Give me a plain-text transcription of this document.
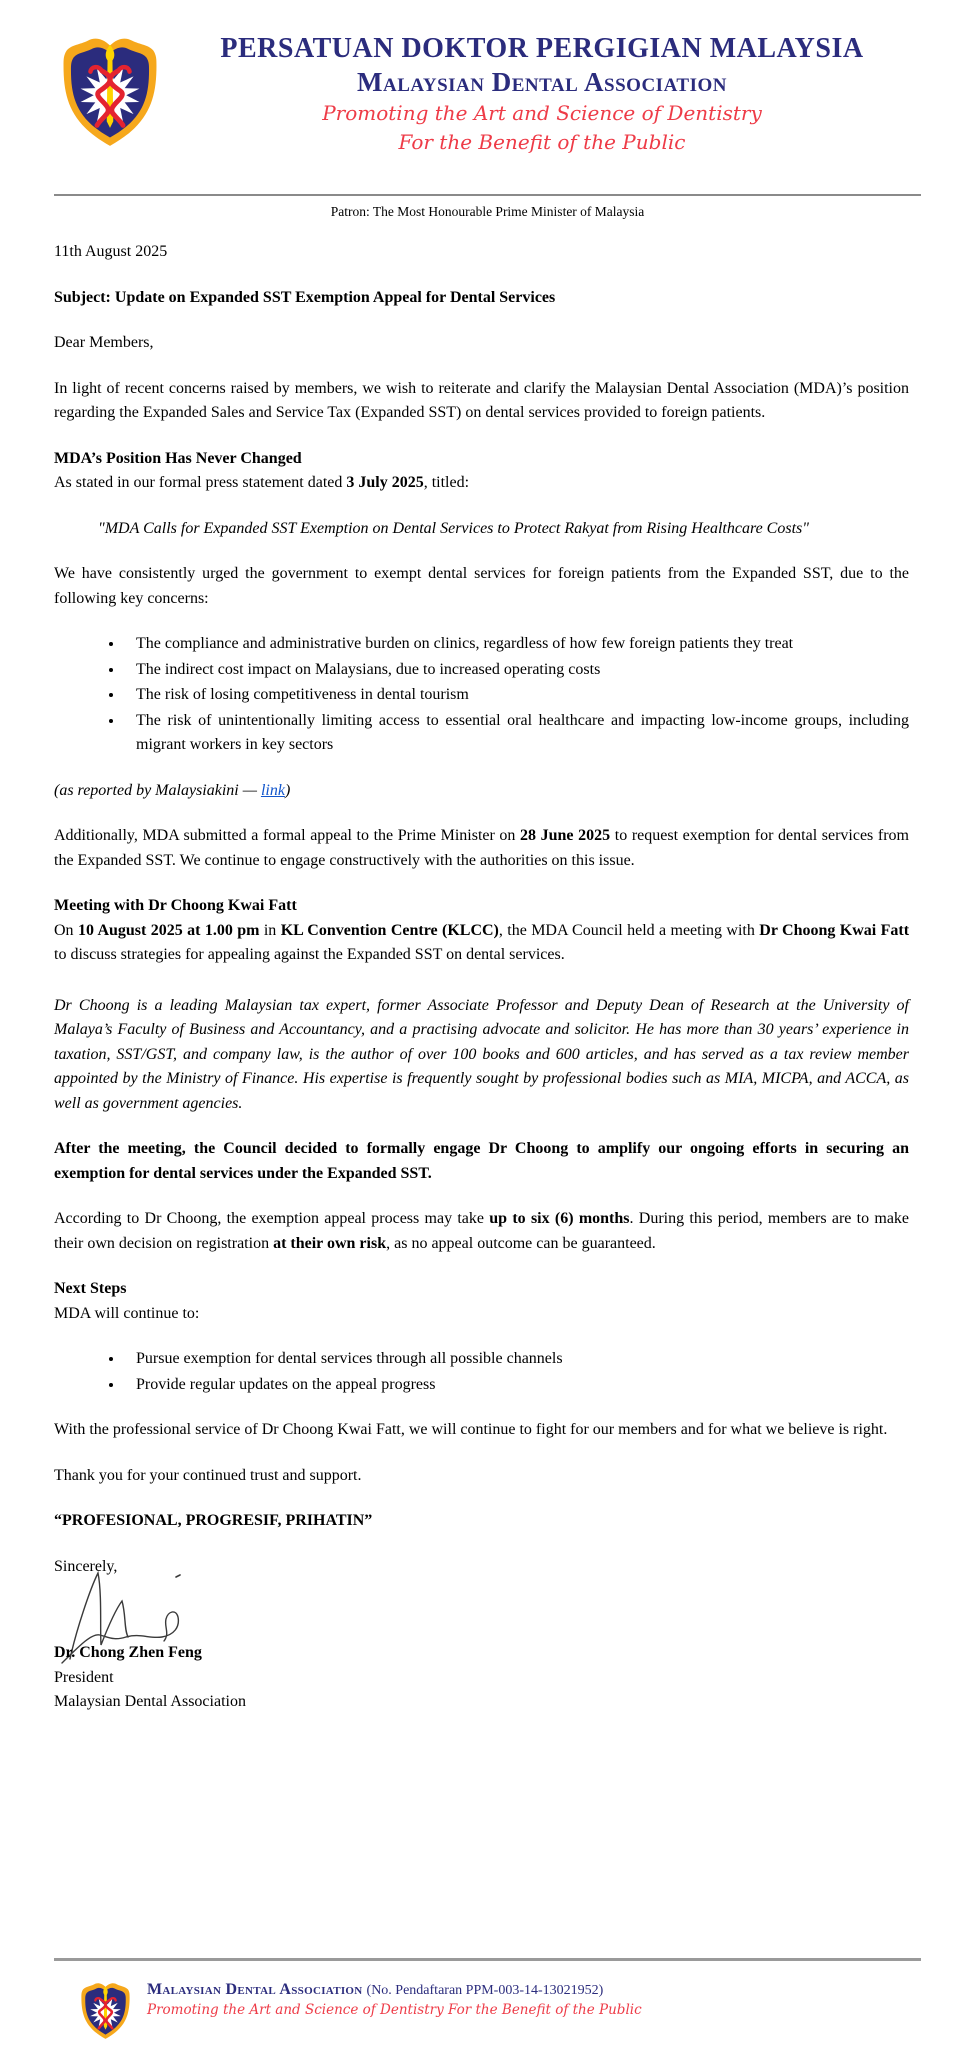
PERSATUAN DOKTOR PERGIGIAN MALAYSIA
Malaysian Dental Association
Promoting the Art and Science of Dentistry
For the Benefit of the Public
Patron: The Most Honourable Prime Minister of Malaysia

11th August 2025

Subject: Update on Expanded SST Exemption Appeal for Dental Services

Dear Members,

In light of recent concerns raised by members, we wish to reiterate and clarify the Malaysian Dental Association (MDA)’s position regarding the Expanded Sales and Service Tax (Expanded SST) on dental services provided to foreign patients.

MDA’s Position Has Never Changed

As stated in our formal press statement dated 3 July 2025, titled:

"MDA Calls for Expanded SST Exemption on Dental Services to Protect Rakyat from Rising Healthcare Costs"

We have consistently urged the government to exempt dental services for foreign patients from the Expanded SST, due to the following key concerns:

• The compliance and administrative burden on clinics, regardless of how few foreign patients they treat
• The indirect cost impact on Malaysians, due to increased operating costs
• The risk of losing competitiveness in dental tourism
• The risk of unintentionally limiting access to essential oral healthcare and impacting low-income groups, including migrant workers in key sectors

(as reported by Malaysiakini — link)

Additionally, MDA submitted a formal appeal to the Prime Minister on 28 June 2025 to request exemption for dental services from the Expanded SST. We continue to engage constructively with the authorities on this issue.

Meeting with Dr Choong Kwai Fatt

On 10 August 2025 at 1.00 pm in KL Convention Centre (KLCC), the MDA Council held a meeting with Dr Choong Kwai Fatt to discuss strategies for appealing against the Expanded SST on dental services.

Dr Choong is a leading Malaysian tax expert, former Associate Professor and Deputy Dean of Research at the University of Malaya’s Faculty of Business and Accountancy, and a practising advocate and solicitor. He has more than 30 years’ experience in taxation, SST/GST, and company law, is the author of over 100 books and 600 articles, and has served as a tax review member appointed by the Ministry of Finance. His expertise is frequently sought by professional bodies such as MIA, MICPA, and ACCA, as well as government agencies.

After the meeting, the Council decided to formally engage Dr Choong to amplify our ongoing efforts in securing an exemption for dental services under the Expanded SST.

According to Dr Choong, the exemption appeal process may take up to six (6) months. During this period, members are to make their own decision on registration at their own risk, as no appeal outcome can be guaranteed.

Next Steps

MDA will continue to:

• Pursue exemption for dental services through all possible channels
• Provide regular updates on the appeal progress

With the professional service of Dr Choong Kwai Fatt, we will continue to fight for our members and for what we believe is right.

Thank you for your continued trust and support.

“PROFESIONAL, PROGRESIF, PRIHATIN”

Sincerely,

Dr. Chong Zhen Feng

President

Malaysian Dental Association

Malaysian Dental Association (No. Pendaftaran PPM-003-14-13021952)
Promoting the Art and Science of Dentistry For the Benefit of the Public
